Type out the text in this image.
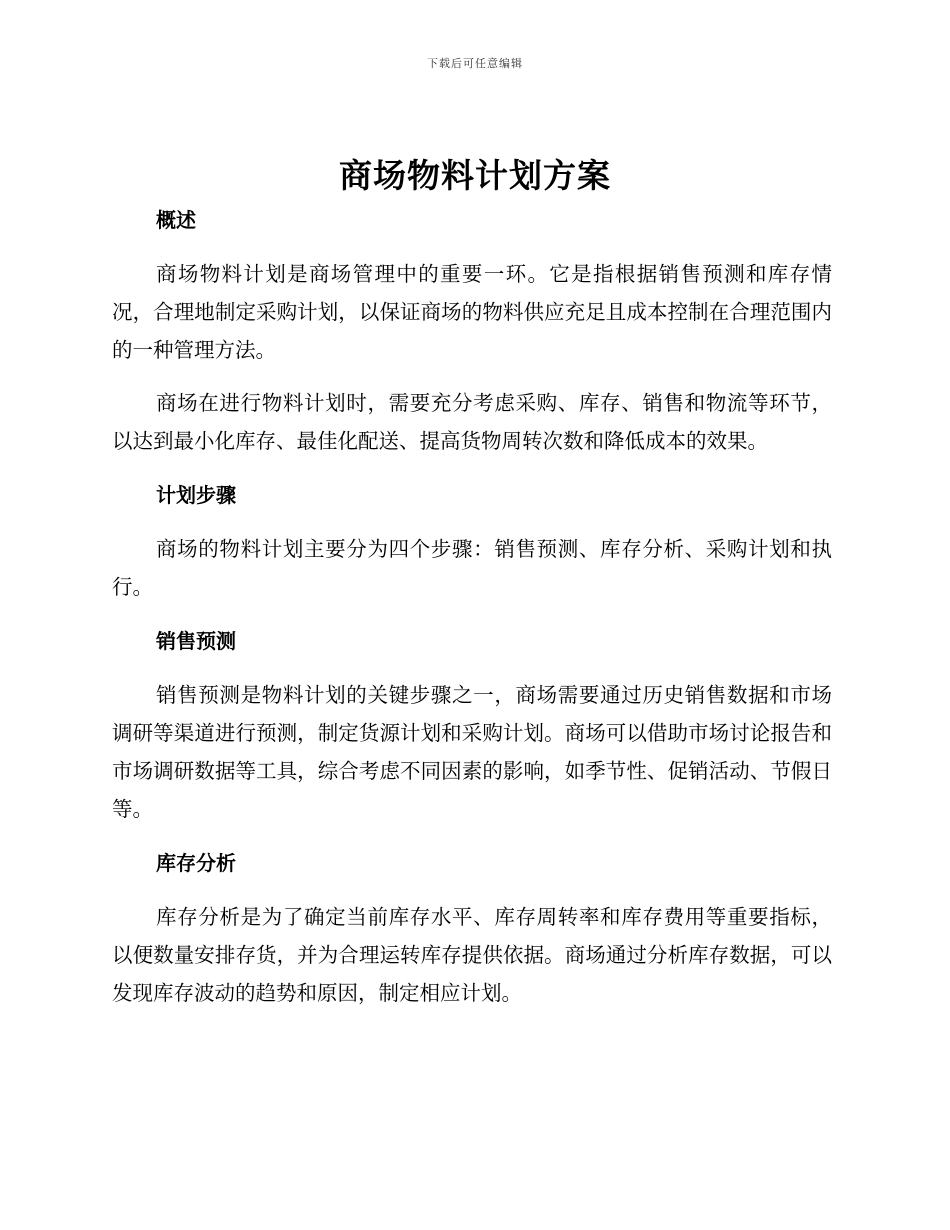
下载后可任意编辑
商场物料计划方案
概述

商场物料计划是商场管理中的重要一环。它是指根据销售预测和库存情况，合理地制定采购计划，以保证商场的物料供应充足且成本控制在合理范围内的一种管理方法。

商场在进行物料计划时，需要充分考虑采购、库存、销售和物流等环节，以达到最小化库存、最佳化配送、提高货物周转次数和降低成本的效果。

计划步骤

商场的物料计划主要分为四个步骤：销售预测、库存分析、采购计划和执行。

销售预测

销售预测是物料计划的关键步骤之一，商场需要通过历史销售数据和市场调研等渠道进行预测，制定货源计划和采购计划。商场可以借助市场讨论报告和市场调研数据等工具，综合考虑不同因素的影响，如季节性、促销活动、节假日等。

库存分析

库存分析是为了确定当前库存水平、库存周转率和库存费用等重要指标，以便数量安排存货，并为合理运转库存提供依据。商场通过分析库存数据，可以发现库存波动的趋势和原因，制定相应计划。
